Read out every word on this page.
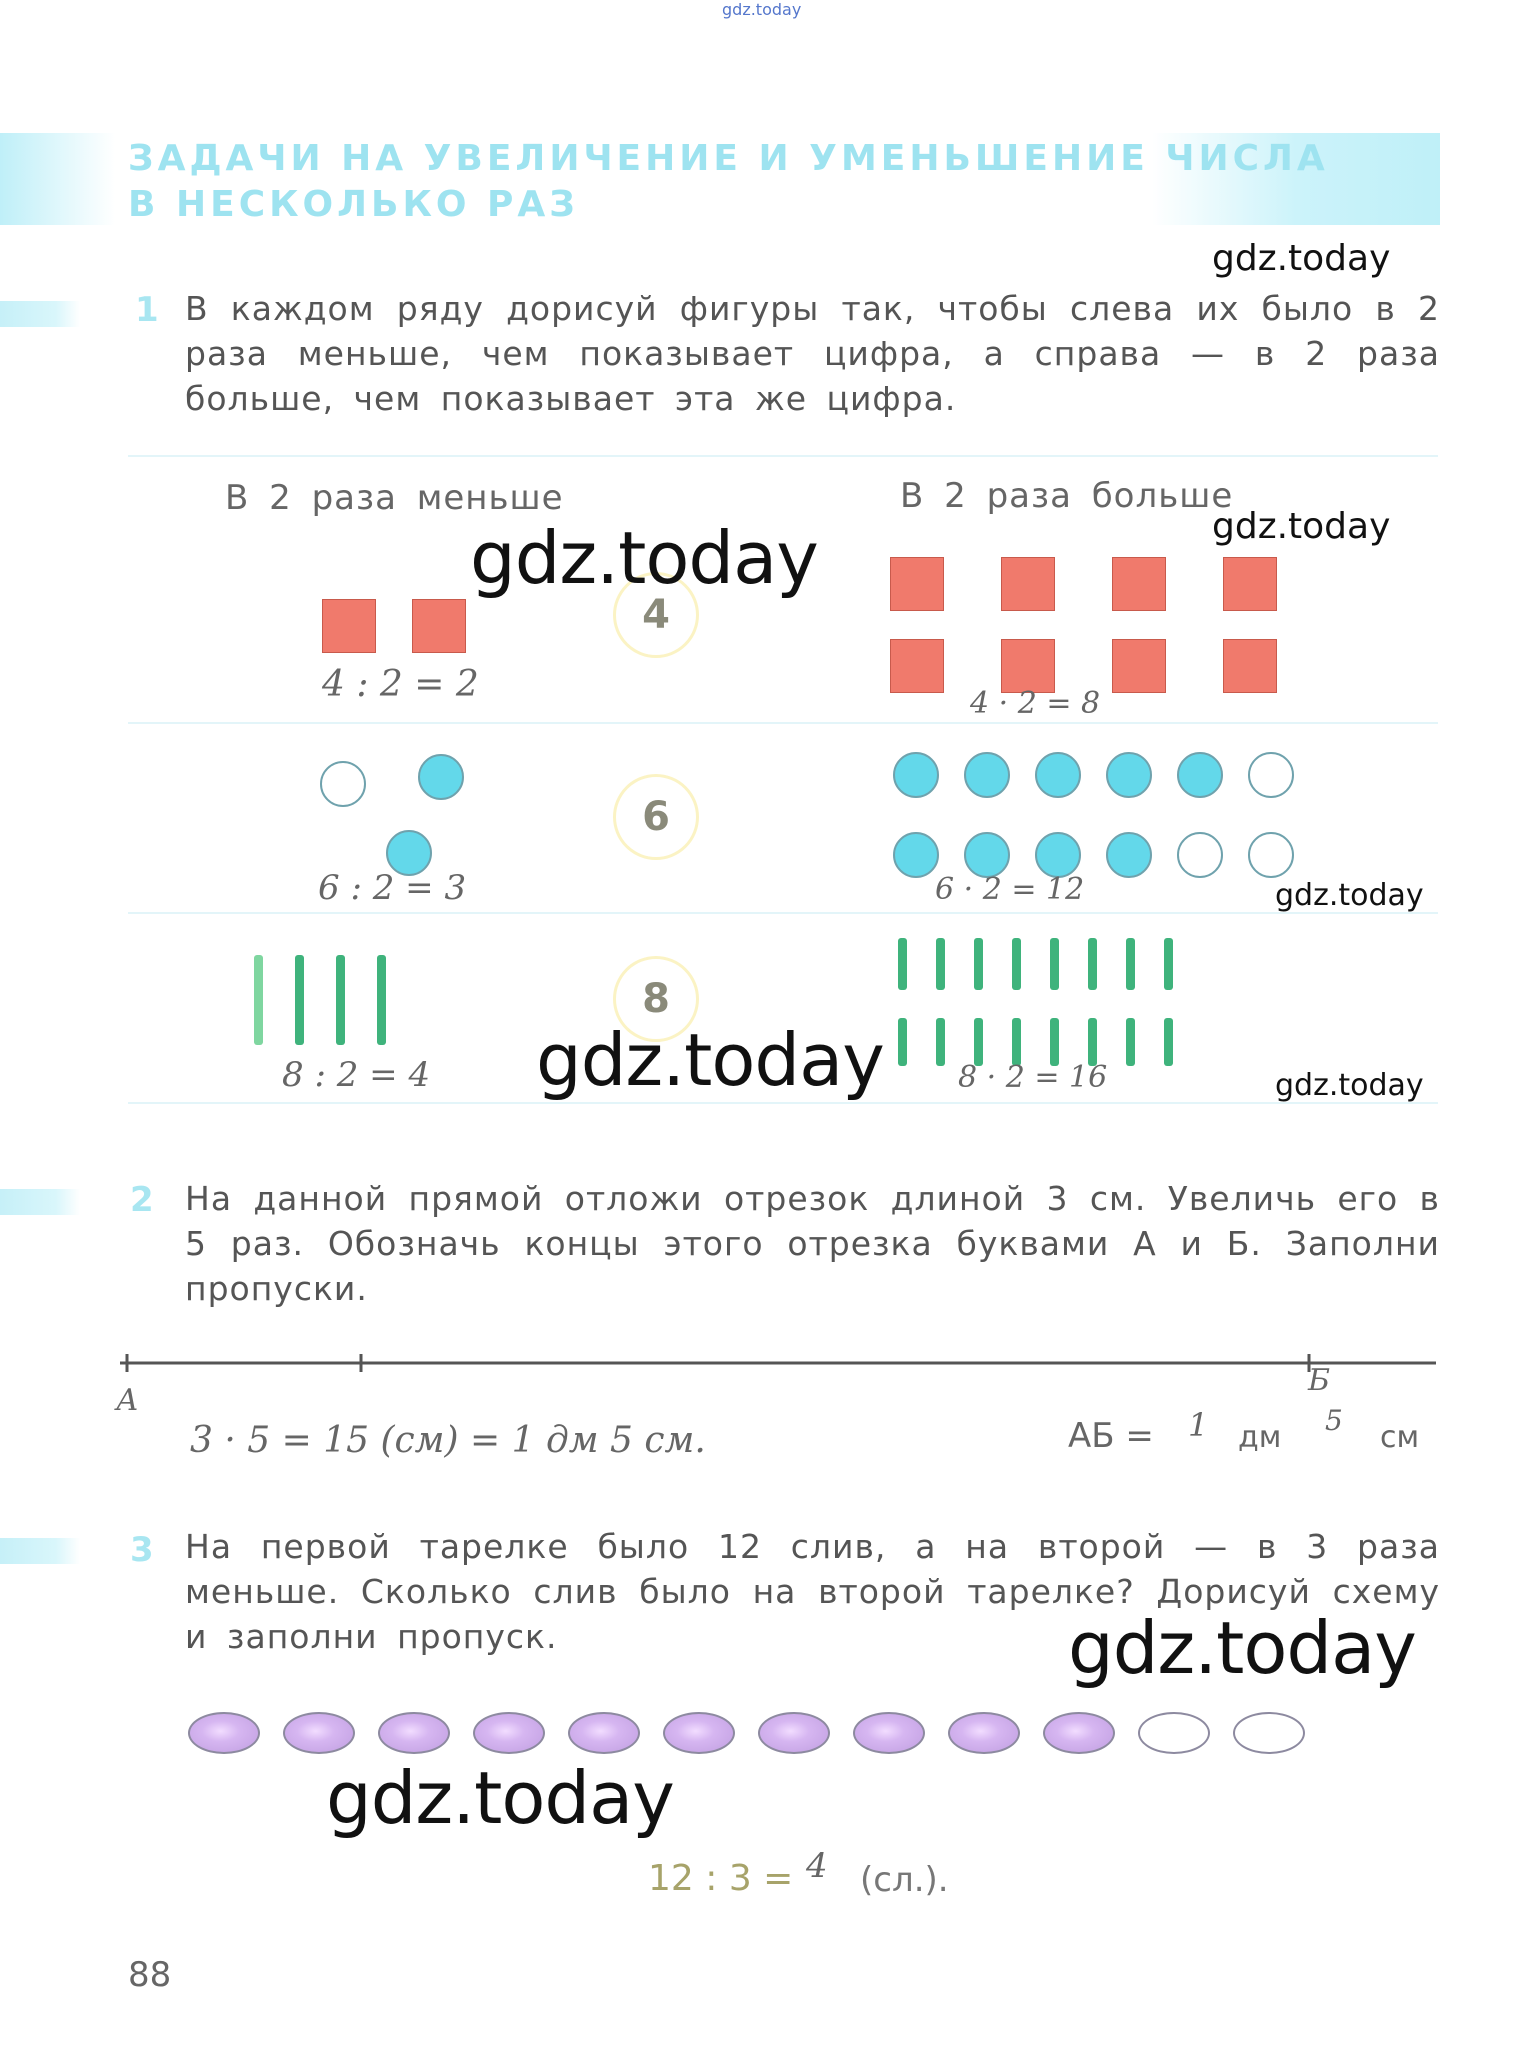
gdz.today
ЗАДАЧИ НА УВЕЛИЧЕНИЕ И УМЕНЬШЕНИЕ ЧИСЛА
В НЕСКОЛЬКО РАЗ
1 В каждом ряду дорисуй фигуры так, чтобы слева их было в 2 раза меньше, чем показывает цифра, а справа — в 2 раза больше, чем показывает эта же цифра.
В 2 раза меньше	В 2 раза больше
4
4 : 2 = 2	4 · 2 = 8
6
6 : 2 = 3	6 · 2 = 12
8
8 : 2 = 4	8 · 2 = 16
2 На данной прямой отложи отрезок длиной 3 см. Увеличь его в 5 раз. Обозначь концы этого отрезка буквами А и Б. Заполни пропуски.
А
Б
3 · 5 = 15 (см) = 1 дм 5 см.	АБ = 1 дм 5 см
3 На первой тарелке было 12 слив, а на второй — в 3 раза меньше. Сколько слив было на второй тарелке? Дорисуй схему и заполни пропуск.
12 : 3 = 4 (сл.).
88
gdz.today
gdz.today
gdz.today
gdz.today
gdz.today	gdz.today
gdz.today
gdz.today
